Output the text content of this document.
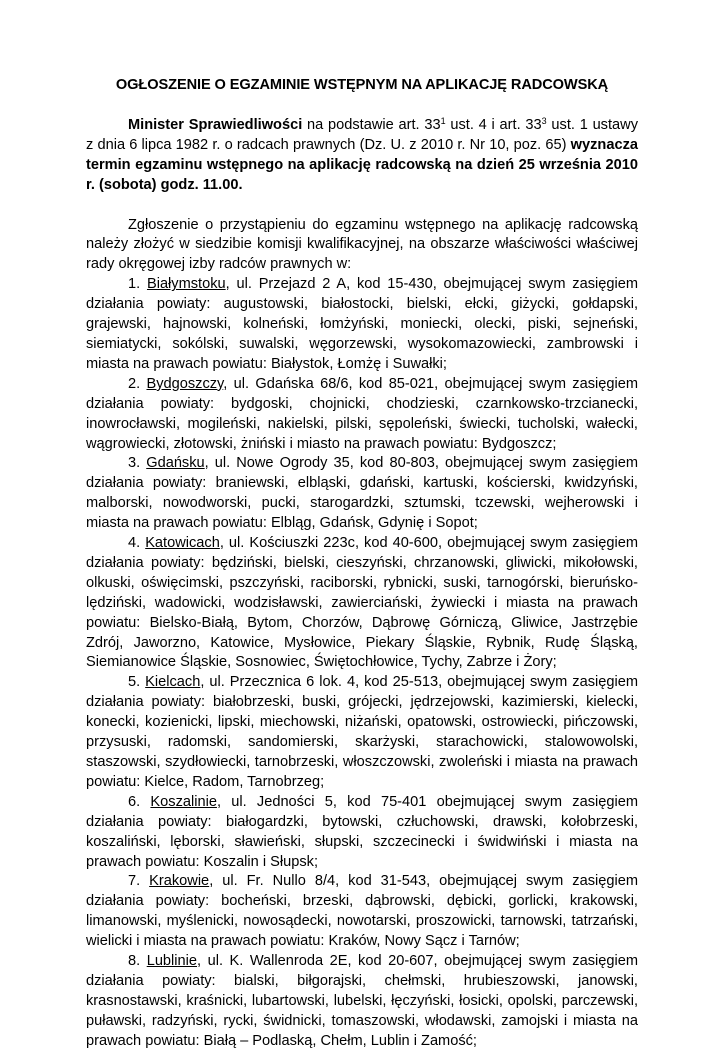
OGŁOSZENIE O EGZAMINIE WSTĘPNYM NA APLIKACJĘ RADCOWSKĄ

Minister Sprawiedliwości na podstawie art. $33^1$ ust. 4 i art. $33^3$ ust. 1 ustawy z dnia 6 lipca 1982 r. o radcach prawnych (Dz. U. z 2010 r. Nr 10, poz. 65) wyznacza termin egzaminu wstępnego na aplikację radcowską na dzień 25 września 2010 r. (sobota) godz. 11.00.

Zgłoszenie o przystąpieniu do egzaminu wstępnego na aplikację radcowską należy złożyć w siedzibie komisji kwalifikacyjnej, na obszarze właściwości właściwej rady okręgowej izby radców prawnych w:

1. Białymstoku, ul. Przejazd 2 A, kod 15-430, obejmującej swym zasięgiem działania powiaty: augustowski, białostocki, bielski, ełcki, giżycki, gołdapski, grajewski, hajnowski, kolneński, łomżyński, moniecki, olecki, piski, sejneński, siemiatycki, sokólski, suwalski, węgorzewski, wysokomazowiecki, zambrowski i miasta na prawach powiatu: Białystok, Łomżę i Suwałki;

2. Bydgoszczy, ul. Gdańska 68/6, kod 85-021, obejmującej swym zasięgiem działania powiaty: bydgoski, chojnicki, chodzieski, czarnkowsko-trzcianecki, inowrocławski, mogileński, nakielski, pilski, sępoleński, świecki, tucholski, wałecki, wągrowiecki, złotowski, żniński i miasto na prawach powiatu: Bydgoszcz;

3. Gdańsku, ul. Nowe Ogrody 35, kod 80-803, obejmującej swym zasięgiem działania powiaty: braniewski, elbląski, gdański, kartuski, kościerski, kwidzyński, malborski, nowodworski, pucki, starogardzki, sztumski, tczewski, wejherowski i miasta na prawach powiatu: Elbląg, Gdańsk, Gdynię i Sopot;

4. Katowicach, ul. Kościuszki 223c, kod 40-600, obejmującej swym zasięgiem działania powiaty: będziński, bielski, cieszyński, chrzanowski, gliwicki, mikołowski, olkuski, oświęcimski, pszczyński, raciborski, rybnicki, suski, tarnogórski, bieruńsko-lędziński, wadowicki, wodzisławski, zawierciański, żywiecki i miasta na prawach powiatu: Bielsko-Białą, Bytom, Chorzów, Dąbrowę Górniczą, Gliwice, Jastrzębie Zdrój, Jaworzno, Katowice, Mysłowice, Piekary Śląskie, Rybnik, Rudę Śląską, Siemianowice Śląskie, Sosnowiec, Świętochłowice, Tychy, Zabrze i Żory;

5. Kielcach, ul. Przecznica 6 lok. 4, kod 25-513, obejmującej swym zasięgiem działania powiaty: białobrzeski, buski, grójecki, jędrzejowski, kazimierski, kielecki, konecki, kozienicki, lipski, miechowski, niżański, opatowski, ostrowiecki, pińczowski, przysuski, radomski, sandomierski, skarżyski, starachowicki, stalowowolski, staszowski, szydłowiecki, tarnobrzeski, włoszczowski, zwoleński i miasta na prawach powiatu: Kielce, Radom, Tarnobrzeg;

6. Koszalinie, ul. Jedności 5, kod 75-401 obejmującej swym zasięgiem działania powiaty: białogardzki, bytowski, człuchowski, drawski, kołobrzeski, koszaliński, lęborski, sławieński, słupski, szczecinecki i świdwiński i miasta na prawach powiatu: Koszalin i Słupsk;

7. Krakowie, ul. Fr. Nullo 8/4, kod 31-543, obejmującej swym zasięgiem działania powiaty: bocheński, brzeski, dąbrowski, dębicki, gorlicki, krakowski, limanowski, myślenicki, nowosądecki, nowotarski, proszowicki, tarnowski, tatrzański, wielicki i miasta na prawach powiatu: Kraków, Nowy Sącz i Tarnów;

8. Lublinie, ul. K. Wallenroda 2E, kod 20-607, obejmującej swym zasięgiem działania powiaty: bialski, biłgorajski, chełmski, hrubieszowski, janowski, krasnostawski, kraśnicki, lubartowski, lubelski, łęczyński, łosicki, opolski, parczewski, puławski, radzyński, rycki, świdnicki, tomaszowski, włodawski, zamojski i miasta na prawach powiatu: Białą – Podlaską, Chełm, Lublin i Zamość;
